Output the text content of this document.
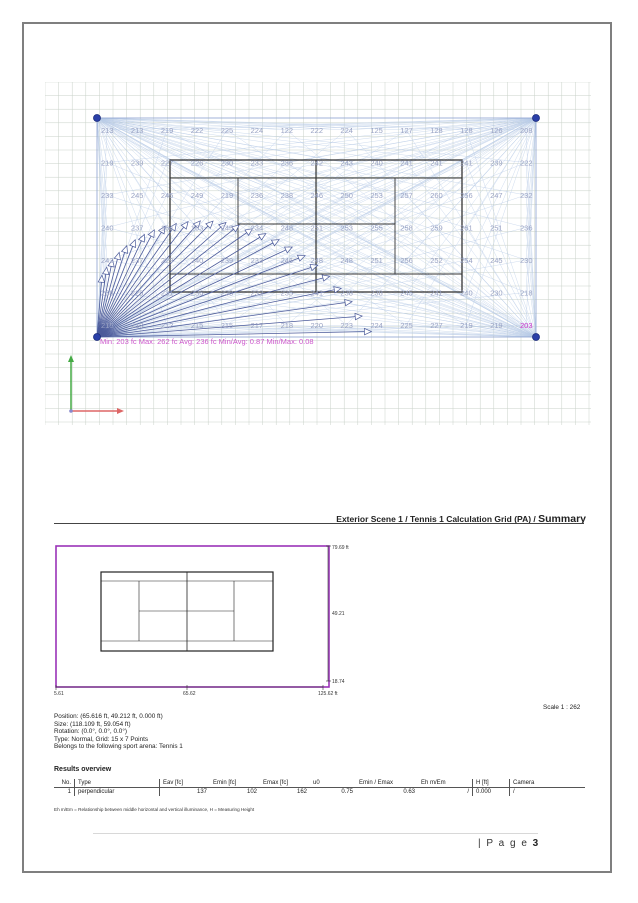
213 213 219 222 225 224 122 222 224 125 127 128 128 126 208
219 239 227 226 230 233 236 242 243 240 241 241 241 239 222
233 245 245 249 219 236 238 246 250 253 257 260 256 247 232
240 237 164 163 245 234 248 251 253 255 258 259 261 251 236
242 237 229 240 239 233 246 248 248 251 256 252 254 245 230
238 229 231 236 238 232 235 241 238 238 245 241 240 230 218
215 213 212 215 215 217 218 220 223 224 225 227 219 219 203
Min: 203 fc Max: 262 fc Avg: 236 fc Min/Avg: 0.87 Min/Max: 0.08
Exterior Scene 1 / Tennis 1 Calculation Grid (PA) / Summary
79.69 ft
49.21
18.74
5.61	65.62	125.62 ft
Scale 1 : 262
Position: (65.616 ft, 49.212 ft, 0.000 ft)
Size: (118.109 ft, 59.054 ft)
Rotation: (0.0°, 0.0°, 0.0°)
Type: Normal, Grid: 15 x 7 Points
Belongs to the following sport arena: Tennis 1
Results overview
No.	Type	Eav [fc]	Emin [fc]	Emax [fc]	u0	Emin / Emax	Eh m/Em	H [ft]	Camera
1	perpendicular	137	102	162	0.75	0.63	/	0.000	/
Eh m/Em = Relationship between middle horizontal and vertical illuminance, H = Measuring Height
| P a g e 3
